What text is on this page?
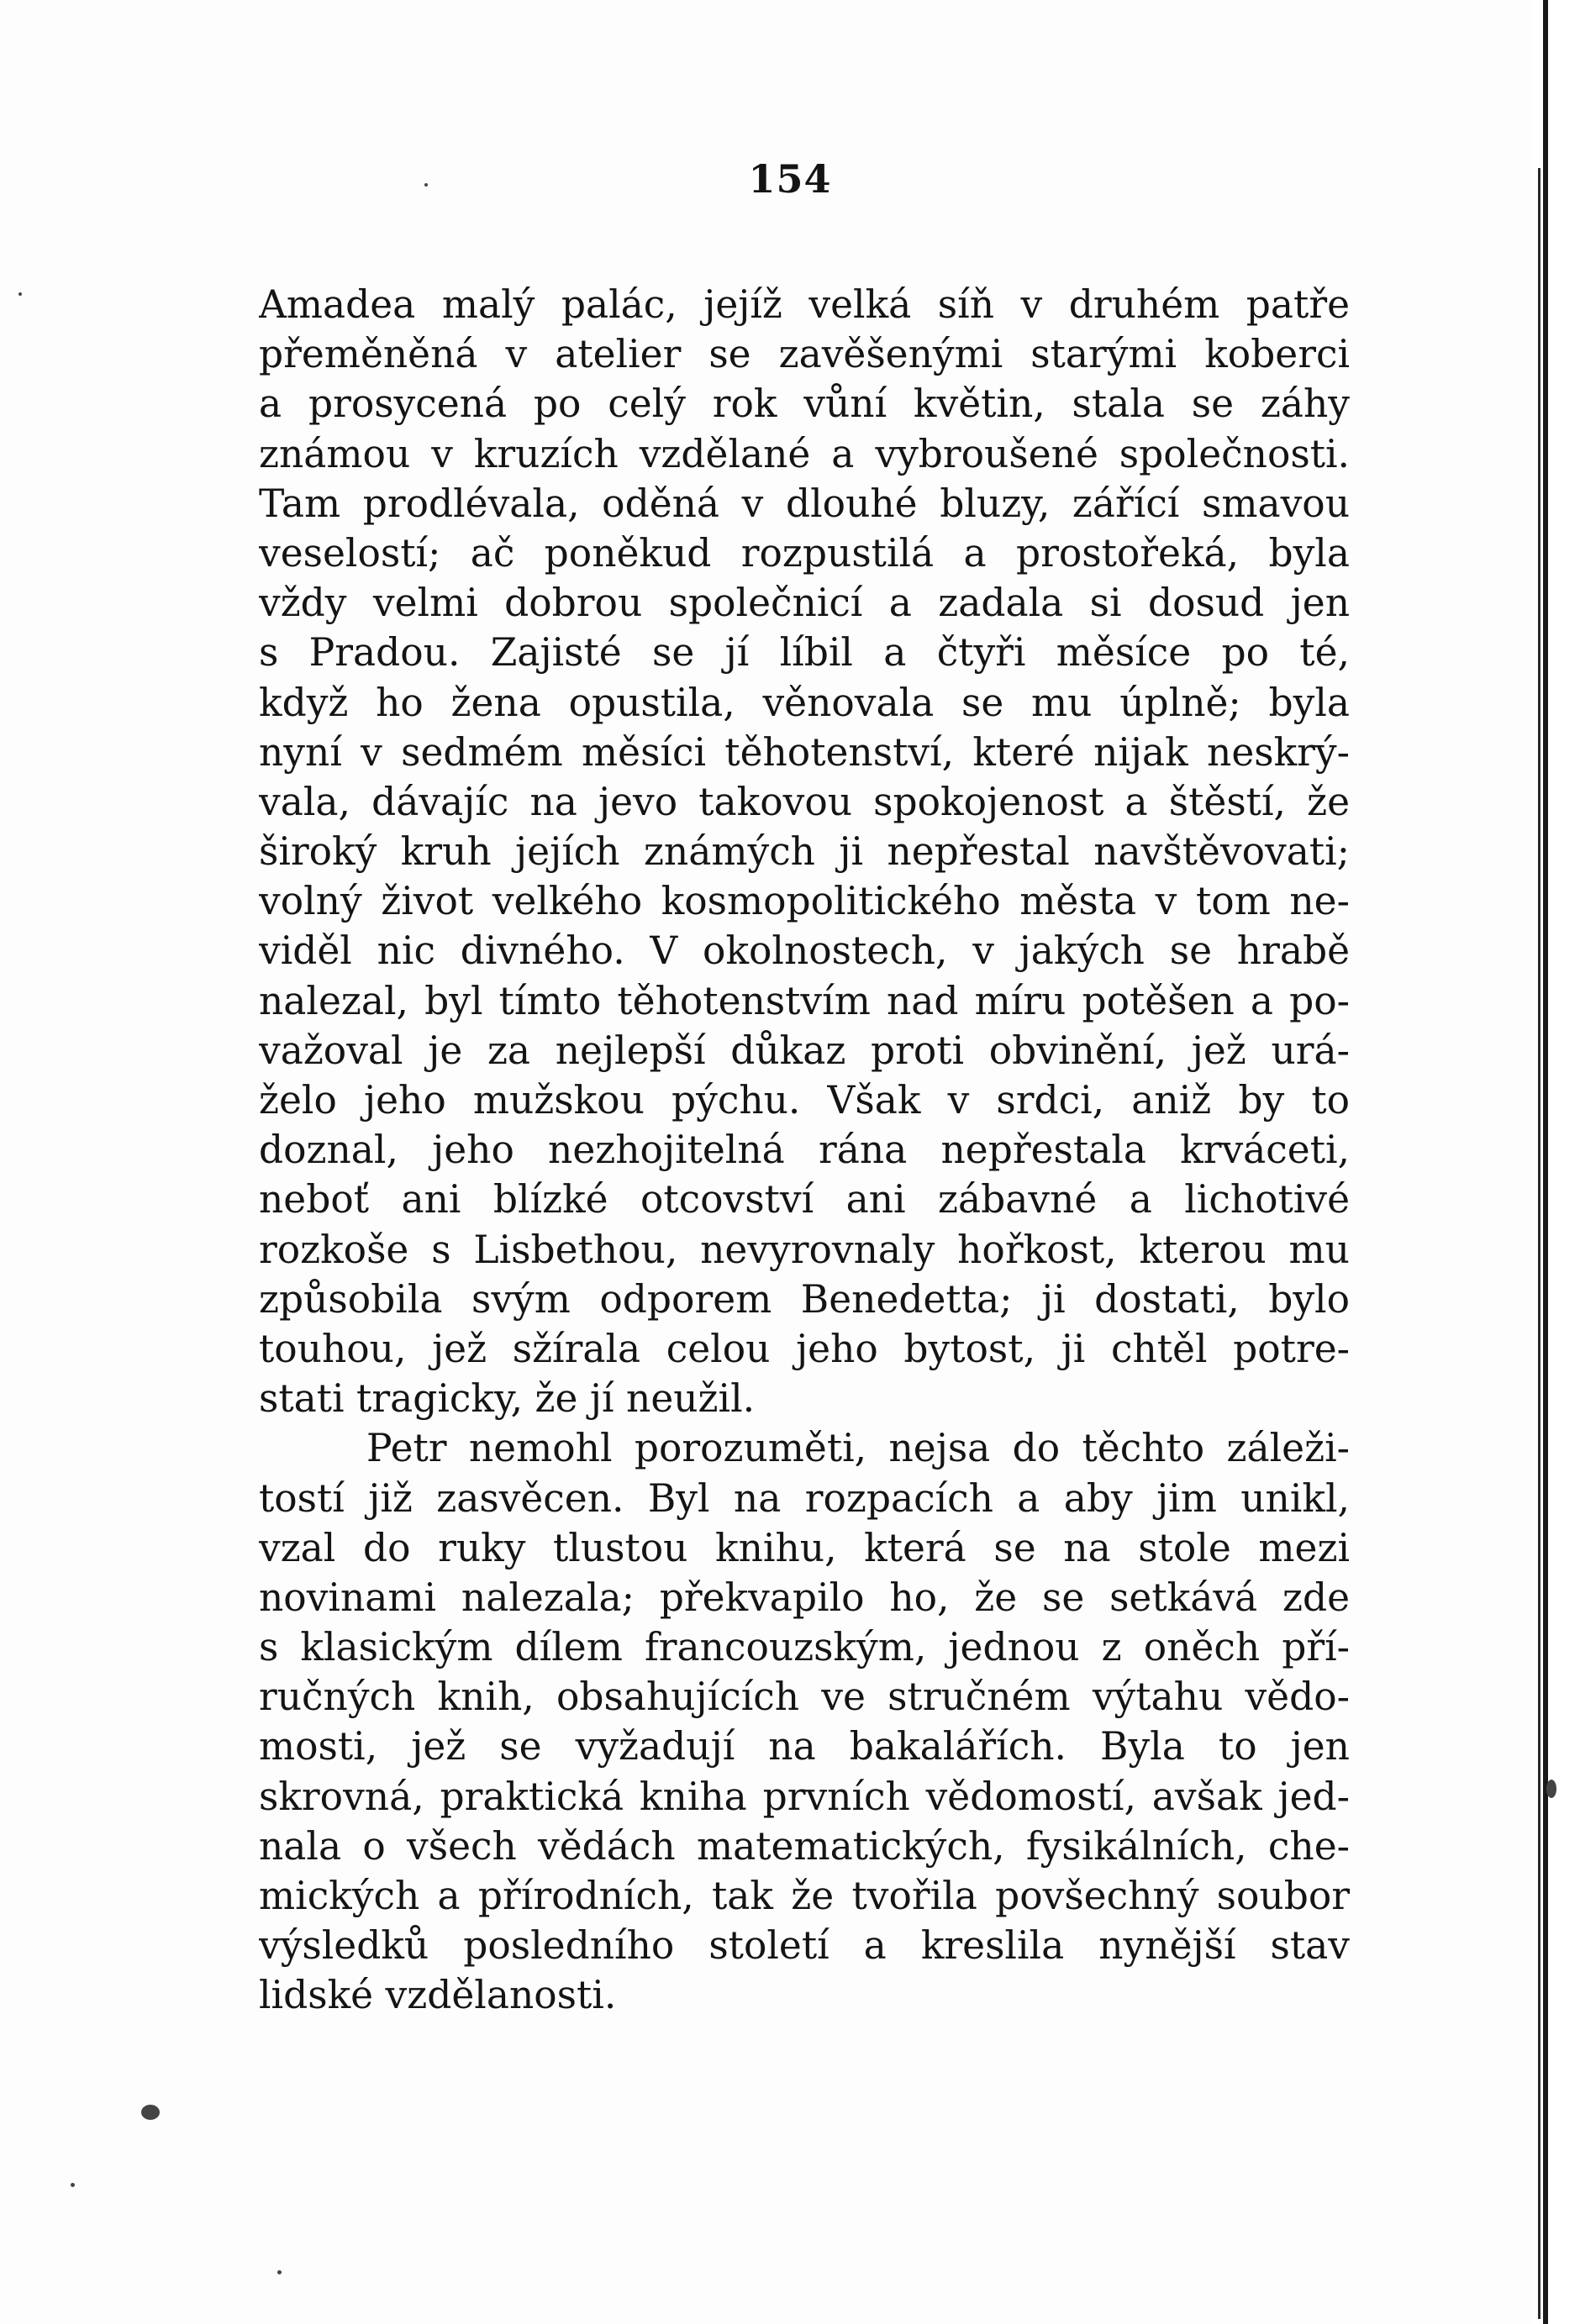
154
Amadea malý palác, jejíž velká síň v druhém patře
přeměněná v atelier se zavěšenými starými koberci
a prosycená po celý rok vůní květin, stala se záhy
známou v kruzích vzdělané a vybroušené společnosti.
Tam prodlévala, oděná v dlouhé bluzy, zářící smavou
veselostí; ač poněkud rozpustilá a prostořeká, byla
vždy velmi dobrou společnicí a zadala si dosud jen
s Pradou. Zajisté se jí líbil a čtyři měsíce po té,
když ho žena opustila, věnovala se mu úplně; byla
nyní v sedmém měsíci těhotenství, které nijak neskrý-
vala, dávajíc na jevo takovou spokojenost a štěstí, že
široký kruh jejích známých ji nepřestal navštěvovati;
volný život velkého kosmopolitického města v tom ne-
viděl nic divného. V okolnostech, v jakých se hrabě
nalezal, byl tímto těhotenstvím nad míru potěšen a po-
važoval je za nejlepší důkaz proti obvinění, jež urá-
želo jeho mužskou pýchu. Však v srdci, aniž by to
doznal, jeho nezhojitelná rána nepřestala krváceti,
neboť ani blízké otcovství ani zábavné a lichotivé
rozkoše s Lisbethou, nevyrovnaly hořkost, kterou mu
způsobila svým odporem Benedetta; ji dostati, bylo
touhou, jež sžírala celou jeho bytost, ji chtěl potre-
stati tragicky, že jí neužil.
Petr nemohl porozuměti, nejsa do těchto záleži-
tostí již zasvěcen. Byl na rozpacích a aby jim unikl,
vzal do ruky tlustou knihu, která se na stole mezi
novinami nalezala; překvapilo ho, že se setkává zde
s klasickým dílem francouzským, jednou z oněch pří-
ručných knih, obsahujících ve stručném výtahu vědo-
mosti, jež se vyžadují na bakalářích. Byla to jen
skrovná, praktická kniha prvních vědomostí, avšak jed-
nala o všech vědách matematických, fysikálních, che-
mických a přírodních, tak že tvořila povšechný soubor
výsledků posledního století a kreslila nynější stav
lidské vzdělanosti.
